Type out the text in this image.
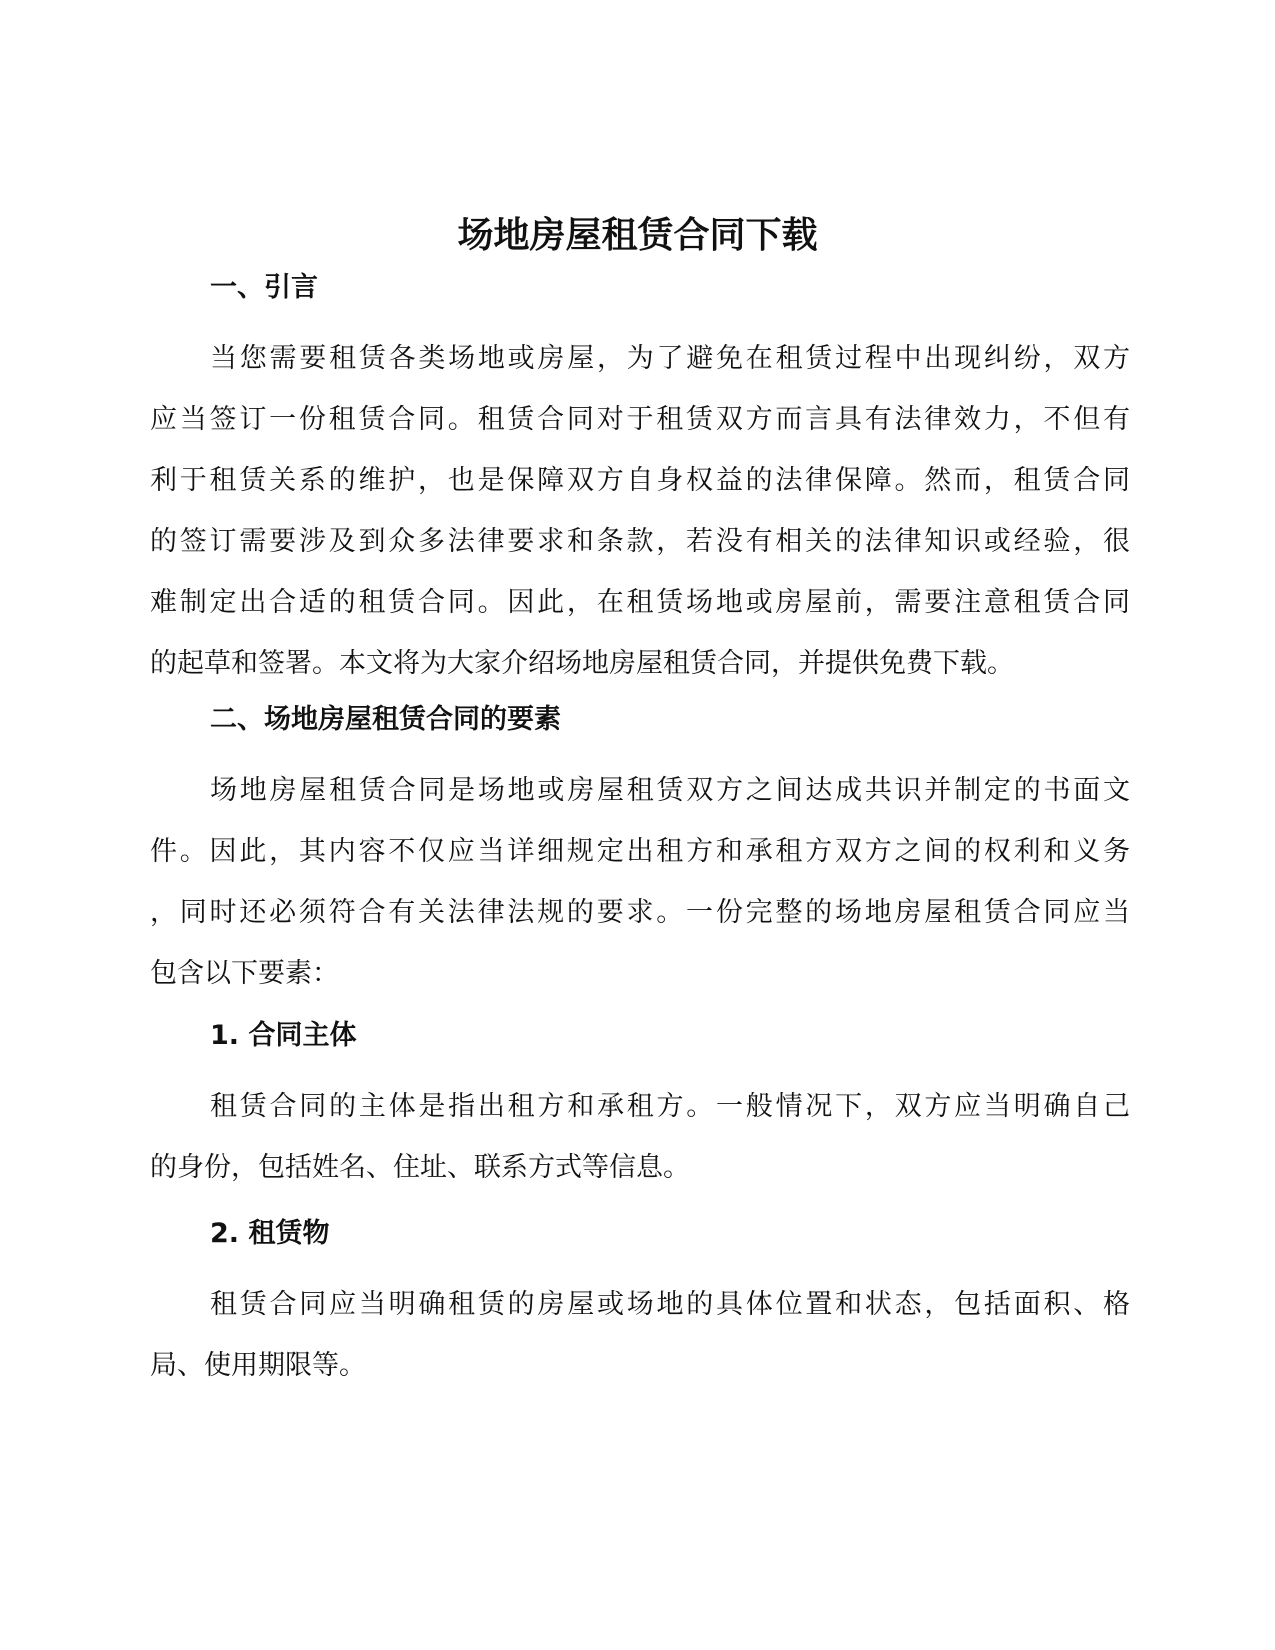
场地房屋租赁合同下载
一、引言
当您需要租赁各类场地或房屋，为了避免在租赁过程中出现纠纷，双方
应当签订一份租赁合同。租赁合同对于租赁双方而言具有法律效力，不但有
利于租赁关系的维护，也是保障双方自身权益的法律保障。然而，租赁合同
的签订需要涉及到众多法律要求和条款，若没有相关的法律知识或经验，很
难制定出合适的租赁合同。因此，在租赁场地或房屋前，需要注意租赁合同
的起草和签署。本文将为大家介绍场地房屋租赁合同，并提供免费下载。
二、场地房屋租赁合同的要素
场地房屋租赁合同是场地或房屋租赁双方之间达成共识并制定的书面文
件。因此，其内容不仅应当详细规定出租方和承租方双方之间的权利和义务
，同时还必须符合有关法律法规的要求。一份完整的场地房屋租赁合同应当
包含以下要素：
1. 合同主体
租赁合同的主体是指出租方和承租方。一般情况下，双方应当明确自己
的身份，包括姓名、住址、联系方式等信息。
2. 租赁物
租赁合同应当明确租赁的房屋或场地的具体位置和状态，包括面积、格
局、使用期限等。
